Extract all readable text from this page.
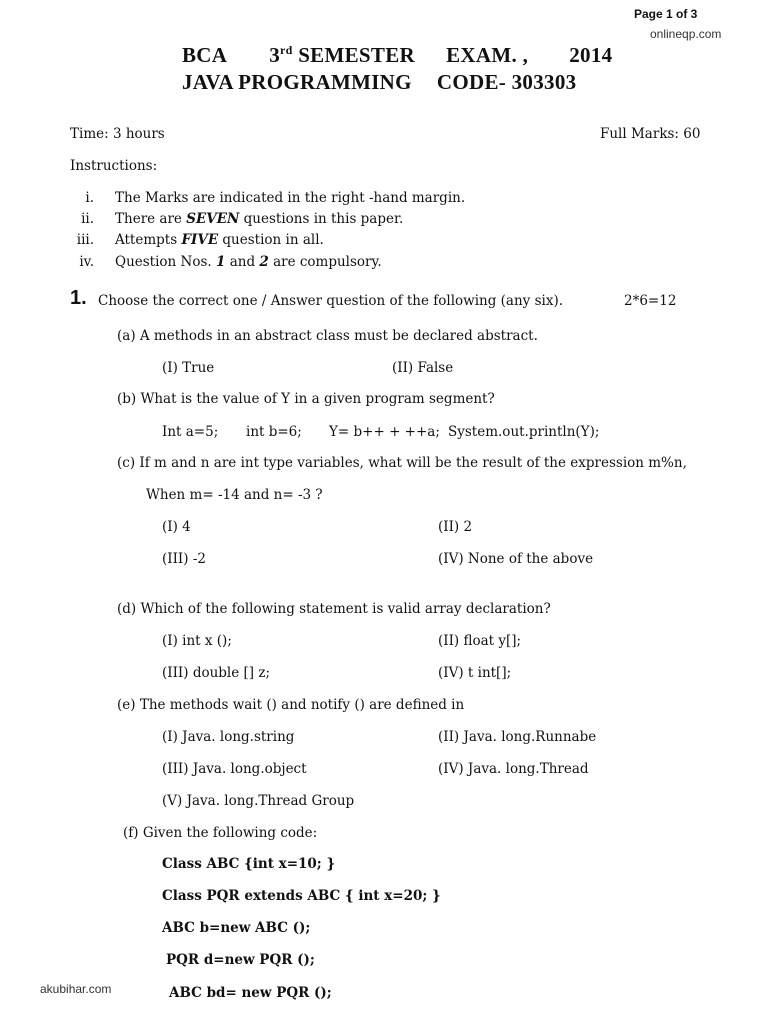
Page 1 of 3
onlineqp.com
BCA 3rd SEMESTER EXAM. , 2014
JAVA PROGRAMMING CODE- 303303
Time: 3 hours	Full Marks: 60
Instructions:
i. The Marks are indicated in the right -hand margin.
ii. There are SEVEN questions in this paper.
iii. Attempts FIVE question in all.
iv. Question Nos. 1 and 2 are compulsory.
1. Choose the correct one / Answer question of the following (any six).	2*6=12
(a) A methods in an abstract class must be declared abstract.
(I) True	(II) False
(b) What is the value of Y in a given program segment?
Int a=5; int b=6; Y= b++ + ++a; System.out.println(Y);
(c) If m and n are int type variables, what will be the result of the expression m%n,
When m= -14 and n= -3 ?
(I) 4	(II) 2
(III) -2	(IV) None of the above
(d) Which of the following statement is valid array declaration?
(I) int x ();	(II) float y[];
(III) double [] z;	(IV) t int[];
(e) The methods wait () and notify () are defined in
(I) Java. long.string	(II) Java. long.Runnabe
(III) Java. long.object	(IV) Java. long.Thread
(V) Java. long.Thread Group
(f) Given the following code:
Class ABC {int x=10; }
Class PQR extends ABC { int x=20; }
ABC b=new ABC ();
PQR d=new PQR ();
ABC bd= new PQR ();
akubihar.com
